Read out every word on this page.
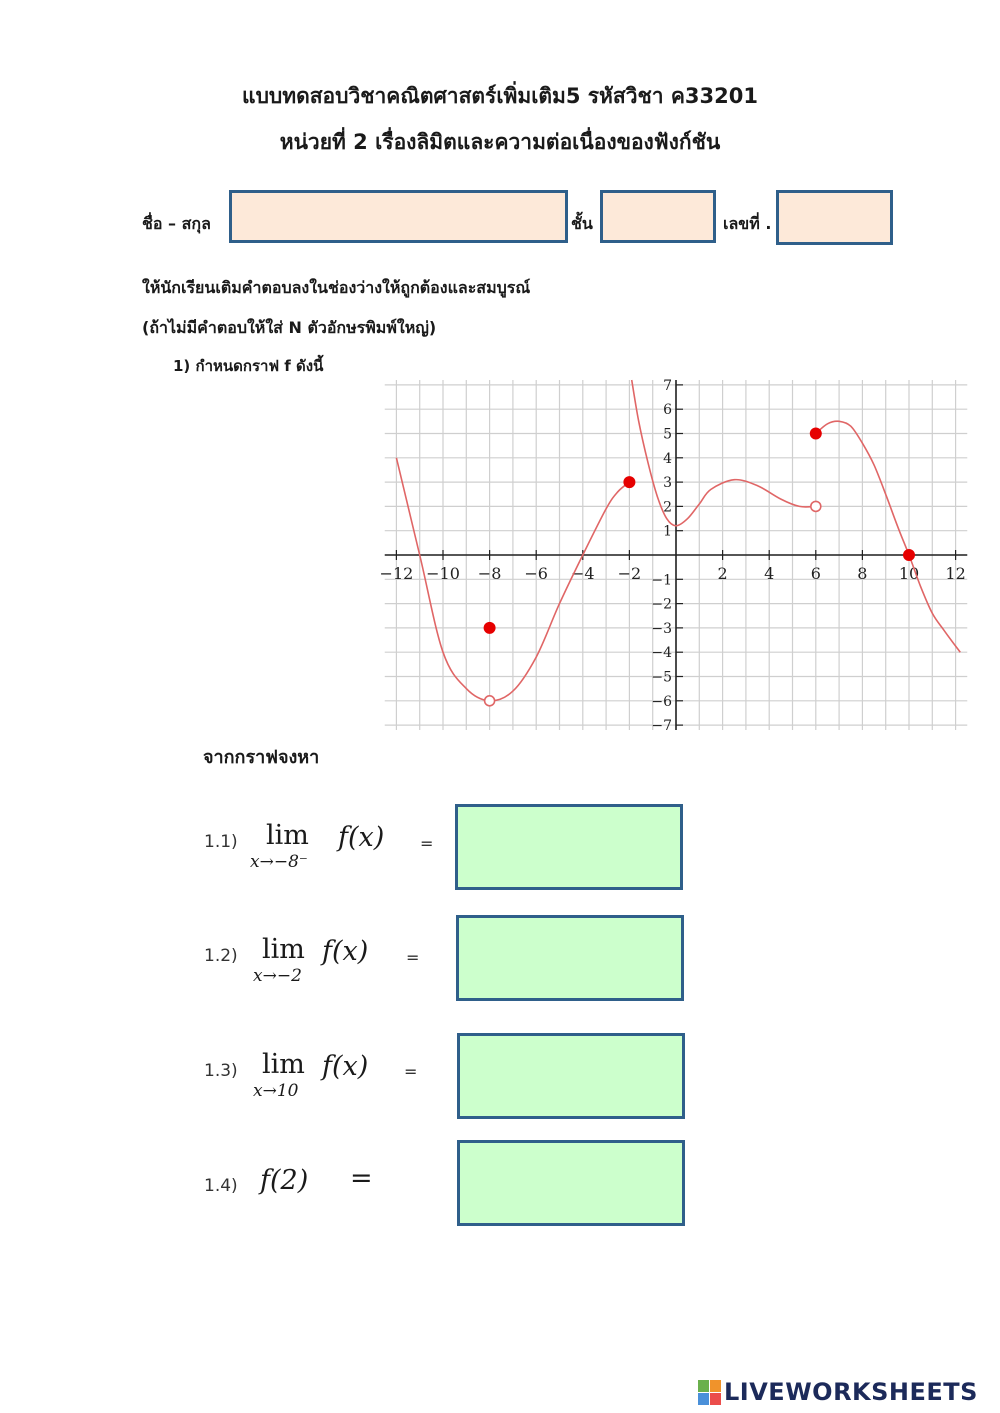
แบบทดสอบวิชาคณิตศาสตร์เพิ่มเติม5 รหัสวิชา ค33201
หน่วยที่ 2 เรื่องลิมิตและความต่อเนื่องของฟังก์ชัน
ชื่อ – สกุล	ชั้น	เลขที่ .
ให้นักเรียนเติมคำตอบลงในช่องว่างให้ถูกต้องและสมบูรณ์
(ถ้าไม่มีคำตอบให้ใส่ N ตัวอักษรพิมพ์ใหญ่)
1) กำหนดกราฟ f ดังนี้
−12 −10 −8 −6 −4 −2	2 4 6 8 10 12
7
6
5
4
3
2
1
−1
−2
−3
−4
−5
−6
−7
จากกราฟจงหา
1.1) lim
x→−8⁻
f(x) =
1.2) lim
x→−2
f(x) =
1.3) lim
x→10
f(x) =
1.4) f(2) =
LIVEWORKSHEETS
